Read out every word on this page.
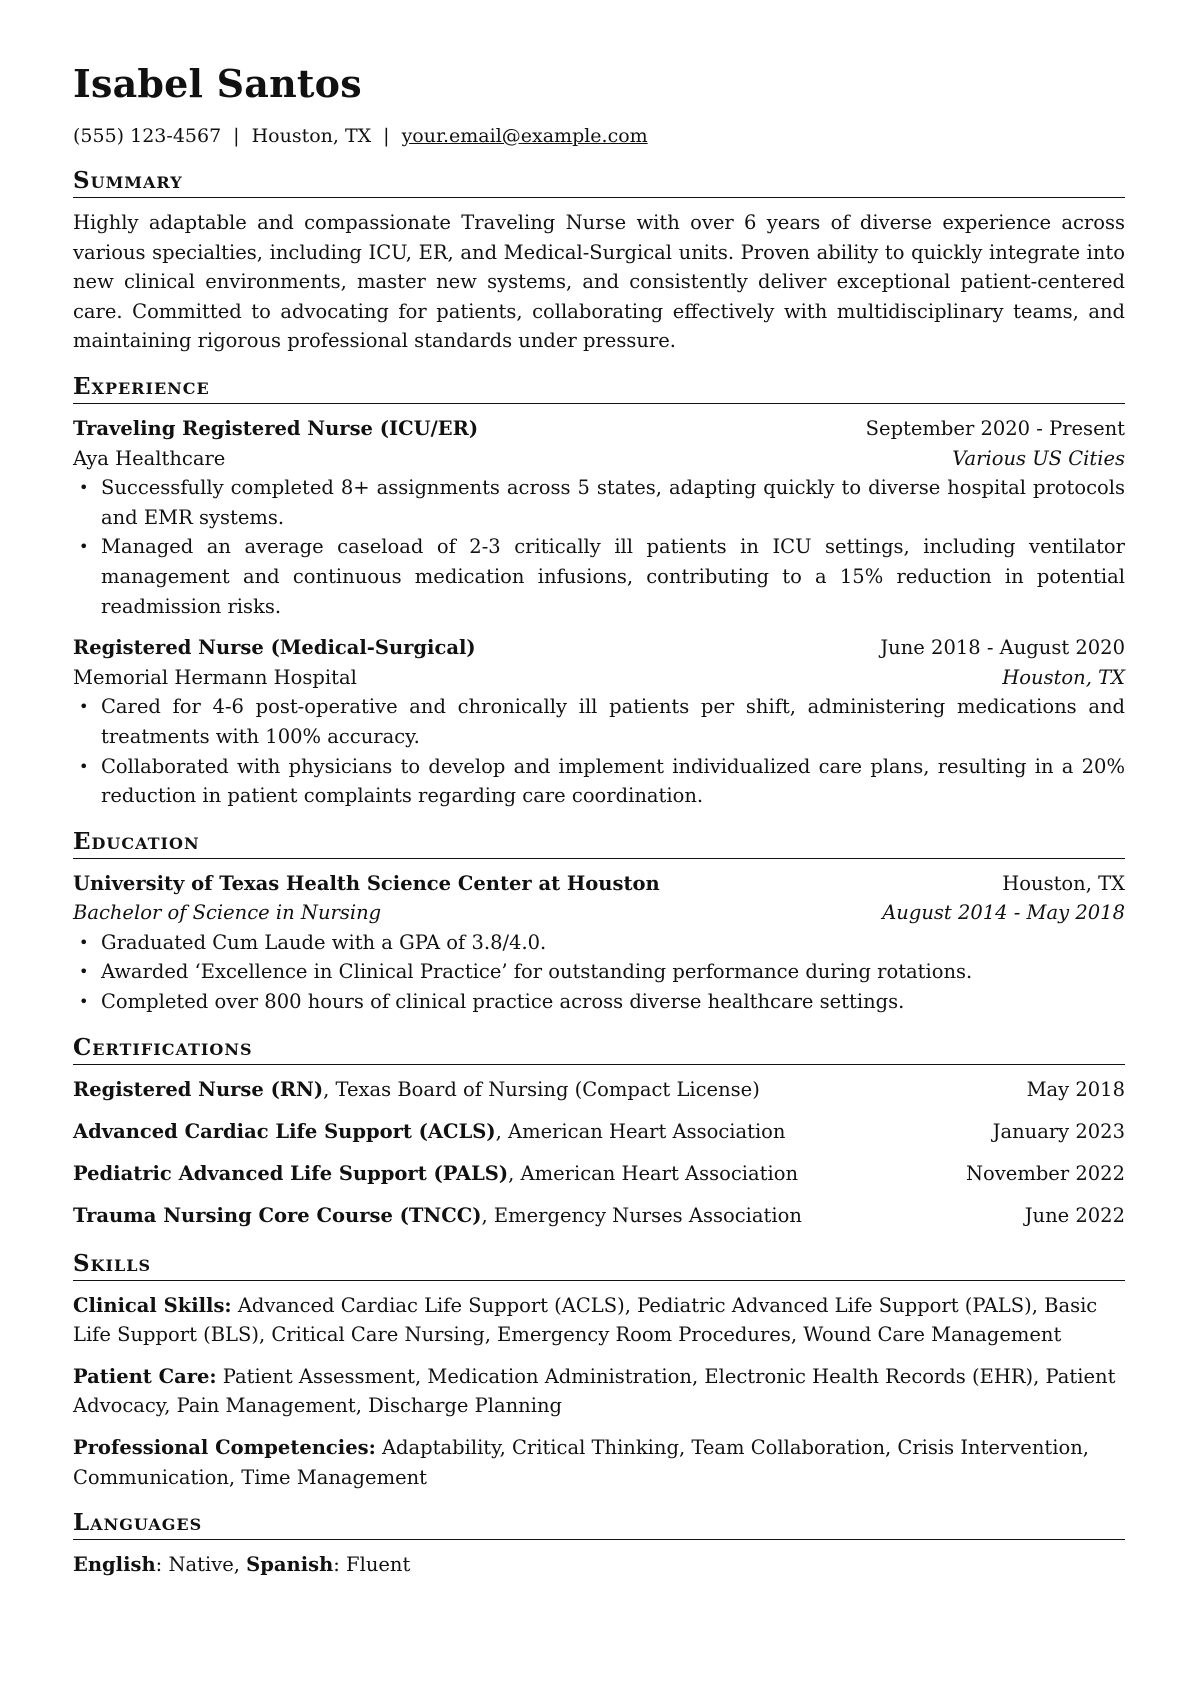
Isabel Santos
(555) 123-4567 | Houston, TX | your.email@example.com
Summary

Highly adaptable and compassionate Traveling Nurse with over 6 years of diverse experience across various specialties, including ICU, ER, and Medical-Surgical units. Proven ability to quickly integrate into new clinical environments, master new systems, and consistently deliver exceptional patient-centered care. Committed to advocating for patients, collaborating effectively with multidisciplinary teams, and maintaining rigorous professional standards under pressure.

Experience
Traveling Registered Nurse (ICU/ER)	September 2020 - Present
Aya Healthcare	Various US Cities
• Successfully completed 8+ assignments across 5 states, adapting quickly to diverse hospital protocols and EMR systems.
• Managed an average caseload of 2-3 critically ill patients in ICU settings, including ventilator management and continuous medication infusions, contributing to a 15% reduction in potential readmission risks.
Registered Nurse (Medical-Surgical)	June 2018 - August 2020
Memorial Hermann Hospital	Houston, TX
• Cared for 4-6 post-operative and chronically ill patients per shift, administering medications and treatments with 100% accuracy.
• Collaborated with physicians to develop and implement individualized care plans, resulting in a 20% reduction in patient complaints regarding care coordination.
Education
University of Texas Health Science Center at Houston	Houston, TX
Bachelor of Science in Nursing	August 2014 - May 2018
• Graduated Cum Laude with a GPA of 3.8/4.0.
• Awarded ‘Excellence in Clinical Practice’ for outstanding performance during rotations.
• Completed over 800 hours of clinical practice across diverse healthcare settings.
Certifications
Registered Nurse (RN), Texas Board of Nursing (Compact License)	May 2018
Advanced Cardiac Life Support (ACLS), American Heart Association	January 2023
Pediatric Advanced Life Support (PALS), American Heart Association	November 2022
Trauma Nursing Core Course (TNCC), Emergency Nurses Association	June 2022
Skills
Clinical Skills: Advanced Cardiac Life Support (ACLS), Pediatric Advanced Life Support (PALS), Basic Life Support (BLS), Critical Care Nursing, Emergency Room Procedures, Wound Care Management
Patient Care: Patient Assessment, Medication Administration, Electronic Health Records (EHR), Patient Advocacy, Pain Management, Discharge Planning
Professional Competencies: Adaptability, Critical Thinking, Team Collaboration, Crisis Intervention, Communication, Time Management
Languages
English: Native, Spanish: Fluent
